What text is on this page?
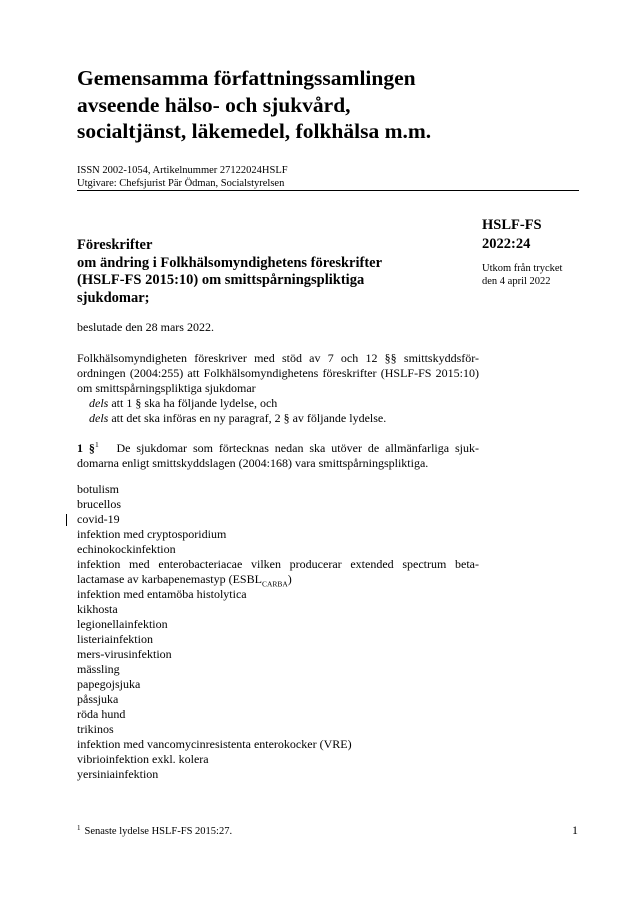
Gemensamma författningssamlingen
avseende hälso- och sjukvård,
socialtjänst, läkemedel, folkhälsa m.m.
ISSN 2002-1054, Artikelnummer 27122024HSLF
Utgivare: Chefsjurist Pär Ödman, Socialstyrelsen
HSLF-FS
2022:24
Utkom från trycket
den 4 april 2022
Föreskrifter
om ändring i Folkhälsomyndighetens föreskrifter
(HSLF-FS 2015:10) om smittspårningspliktiga
sjukdomar;
beslutade den 28 mars 2022.

Folkhälsomyndigheten föreskriver med stöd av 7 och 12 §§ smittskyddsför- ordningen (2004:255) att Folkhälsomyndighetens föreskrifter (HSLF-FS 2015:10) om smittspårningspliktiga sjukdomar
dels att 1 § ska ha följande lydelse, och
dels att det ska införas en ny paragraf, 2 § av följande lydelse.

1 §$^1$ De sjukdomar som förtecknas nedan ska utöver de allmänfarliga sjuk- domarna enligt smittskyddslagen (2004:168) vara smittspårningspliktiga.

botulism
brucellos
covid-19
infektion med cryptosporidium
echinokockinfektion
infektion med enterobacteriacae vilken producerar extended spectrum beta- lactamase av karbapenemastyp $(ESBL_{CARBA})$
infektion med entamöba histolytica
kikhosta
legionellainfektion
listeriainfektion
mers-virusinfektion
mässling
papegojsjuka
påssjuka
röda hund
trikinos
infektion med vancomycinresistenta enterokocker (VRE)
vibrioinfektion exkl. kolera
yersiniainfektion
$^1$ Senaste lydelse HSLF-FS 2015:27.	1
